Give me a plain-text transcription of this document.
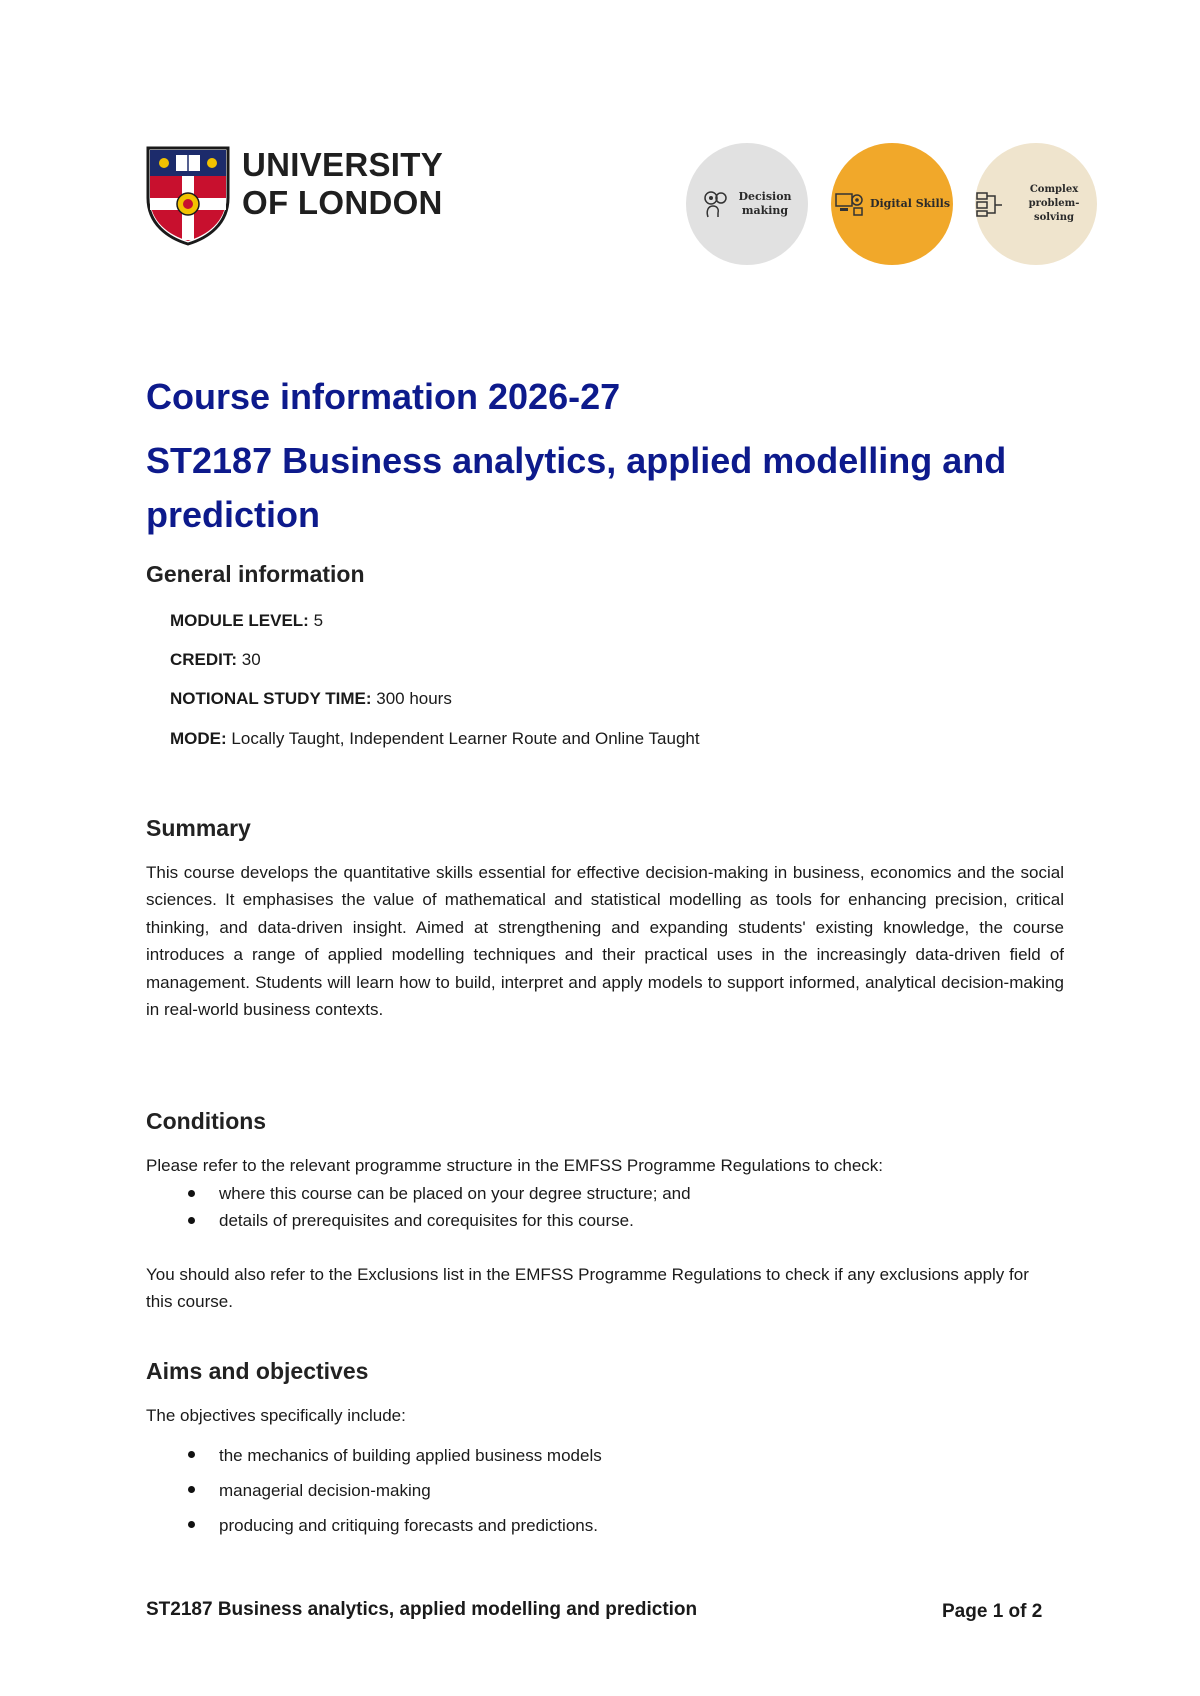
UNIVERSITY
OF LONDON	Decision
making
Digital Skills
Complex
problem-solving
Course information 2026-27
ST2187 Business analytics, applied modelling and prediction
General information
MODULE LEVEL: 5
CREDIT: 30
NOTIONAL STUDY TIME: 300 hours
MODE: Locally Taught, Independent Learner Route and Online Taught
Summary
This course develops the quantitative skills essential for effective decision-making in business, economics and the social sciences. It emphasises the value of mathematical and statistical modelling as tools for enhancing precision, critical thinking, and data-driven insight. Aimed at strengthening and expanding students' existing knowledge, the course introduces a range of applied modelling techniques and their practical uses in the increasingly data-driven field of management. Students will learn how to build, interpret and apply models to support informed, analytical decision-making in real-world business contexts.
Conditions
Please refer to the relevant programme structure in the EMFSS Programme Regulations to check:
where this course can be placed on your degree structure; and
details of prerequisites and corequisites for this course.
You should also refer to the Exclusions list in the EMFSS Programme Regulations to check if any exclusions apply for this course.
Aims and objectives
The objectives specifically include:
the mechanics of building applied business models
managerial decision-making
producing and critiquing forecasts and predictions.
ST2187 Business analytics, applied modelling and prediction	Page 1 of 2
